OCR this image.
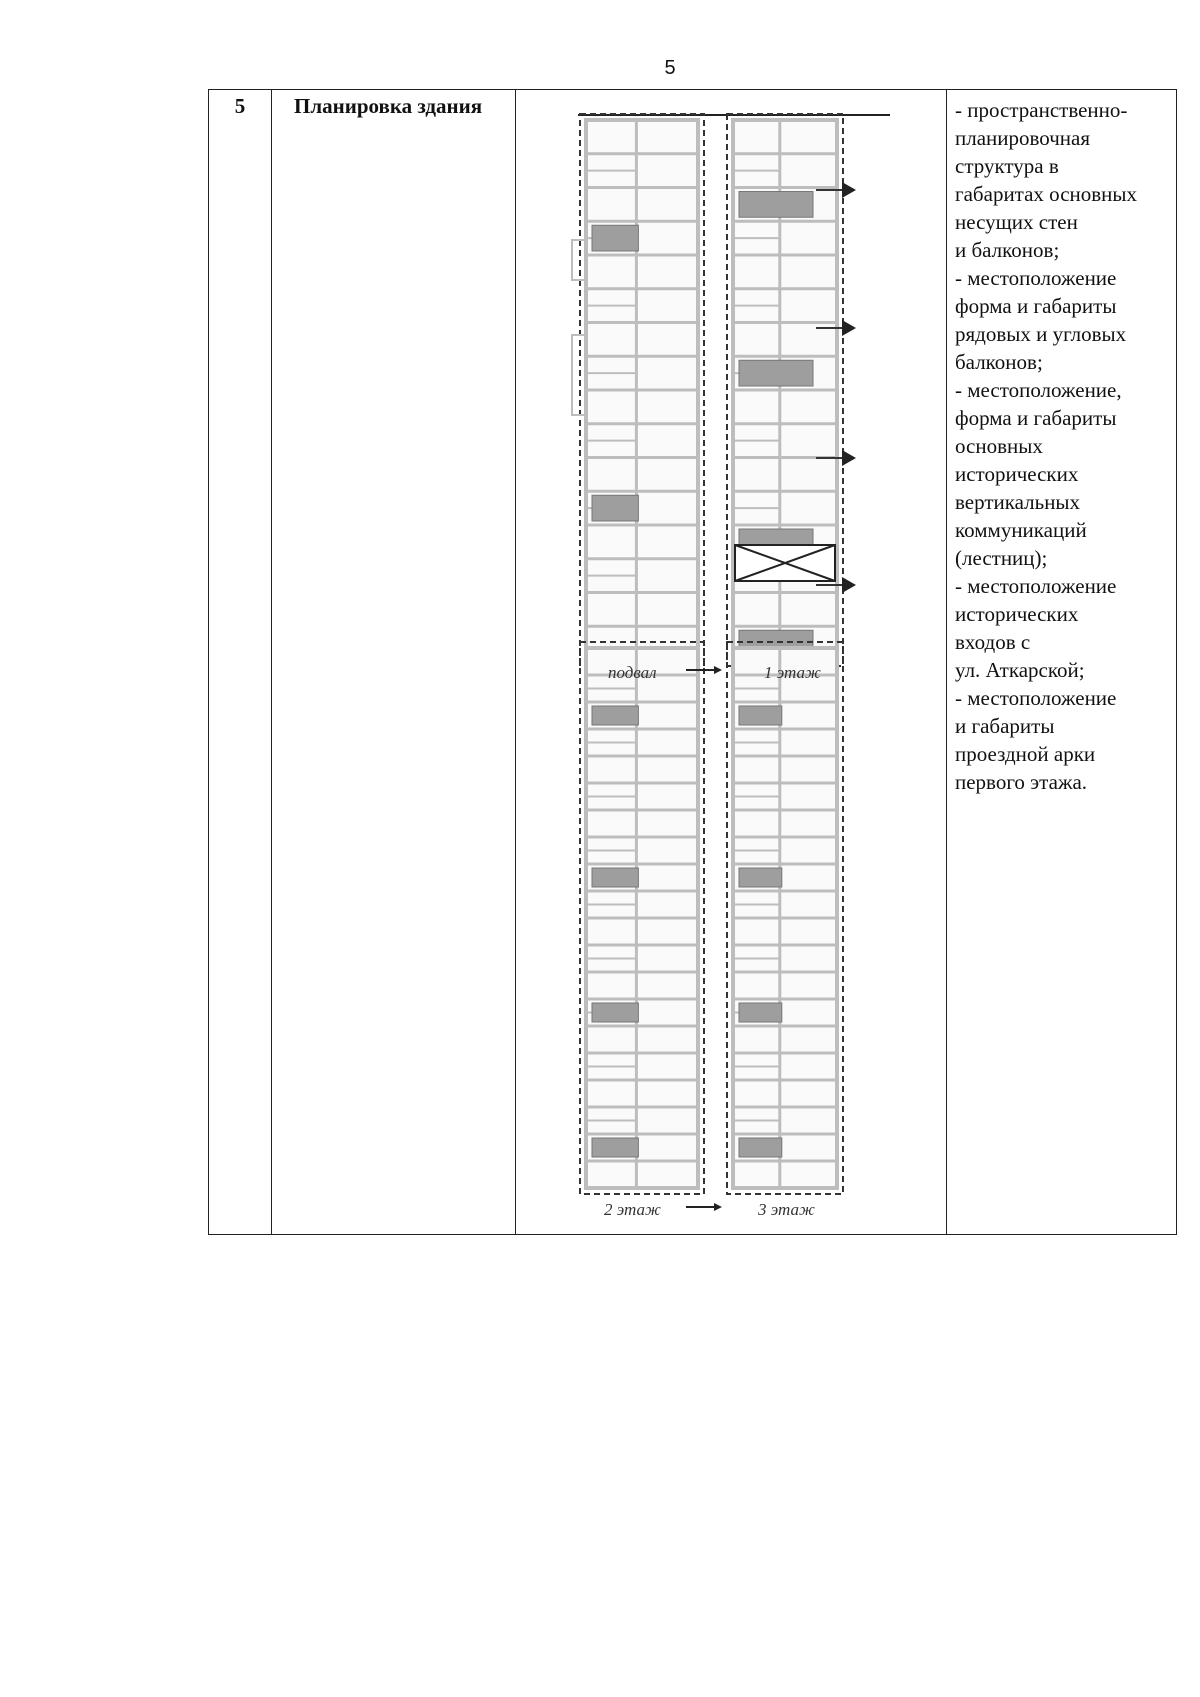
5
5	Планировка здания	
подвал	1 этаж
2 этаж	3 этаж

- пространственно-

планировочная

структура в

габаритах основных

несущих стен

и балконов;

- местоположение

форма и габариты

рядовых и угловых

балконов;

- местоположение,

форма и габариты

основных

исторических

вертикальных

коммуникаций

(лестниц);

- местоположение

исторических

входов с

ул. Аткарской;

- местоположение

и габариты

проездной арки

первого этажа.
